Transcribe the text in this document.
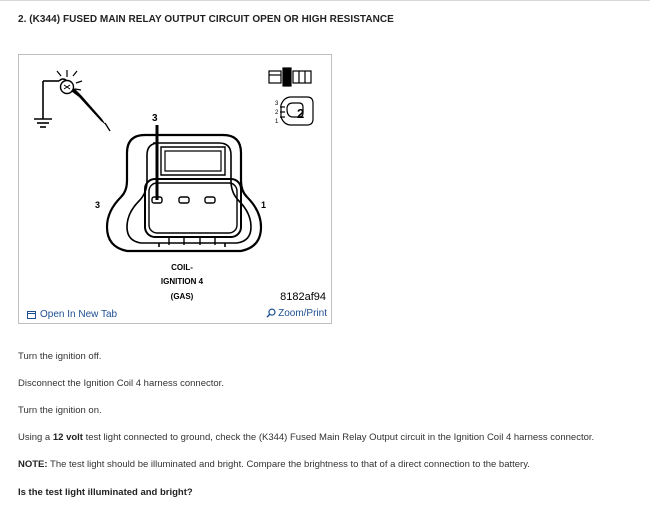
2. (K344) FUSED MAIN RELAY OUTPUT CIRCUIT OPEN OR HIGH RESISTANCE
3
2
1
2
3
3	1
COIL-
IGNITION 4
(GAS)	8182af94
Open In New Tab	Zoom/Print

Turn the ignition off.

Disconnect the Ignition Coil 4 harness connector.

Turn the ignition on.

Using a 12 volt test light connected to ground, check the (K344) Fused Main Relay Output circuit in the Ignition Coil 4 harness connector.

NOTE: The test light should be illuminated and bright. Compare the brightness to that of a direct connection to the battery.

Is the test light illuminated and bright?
